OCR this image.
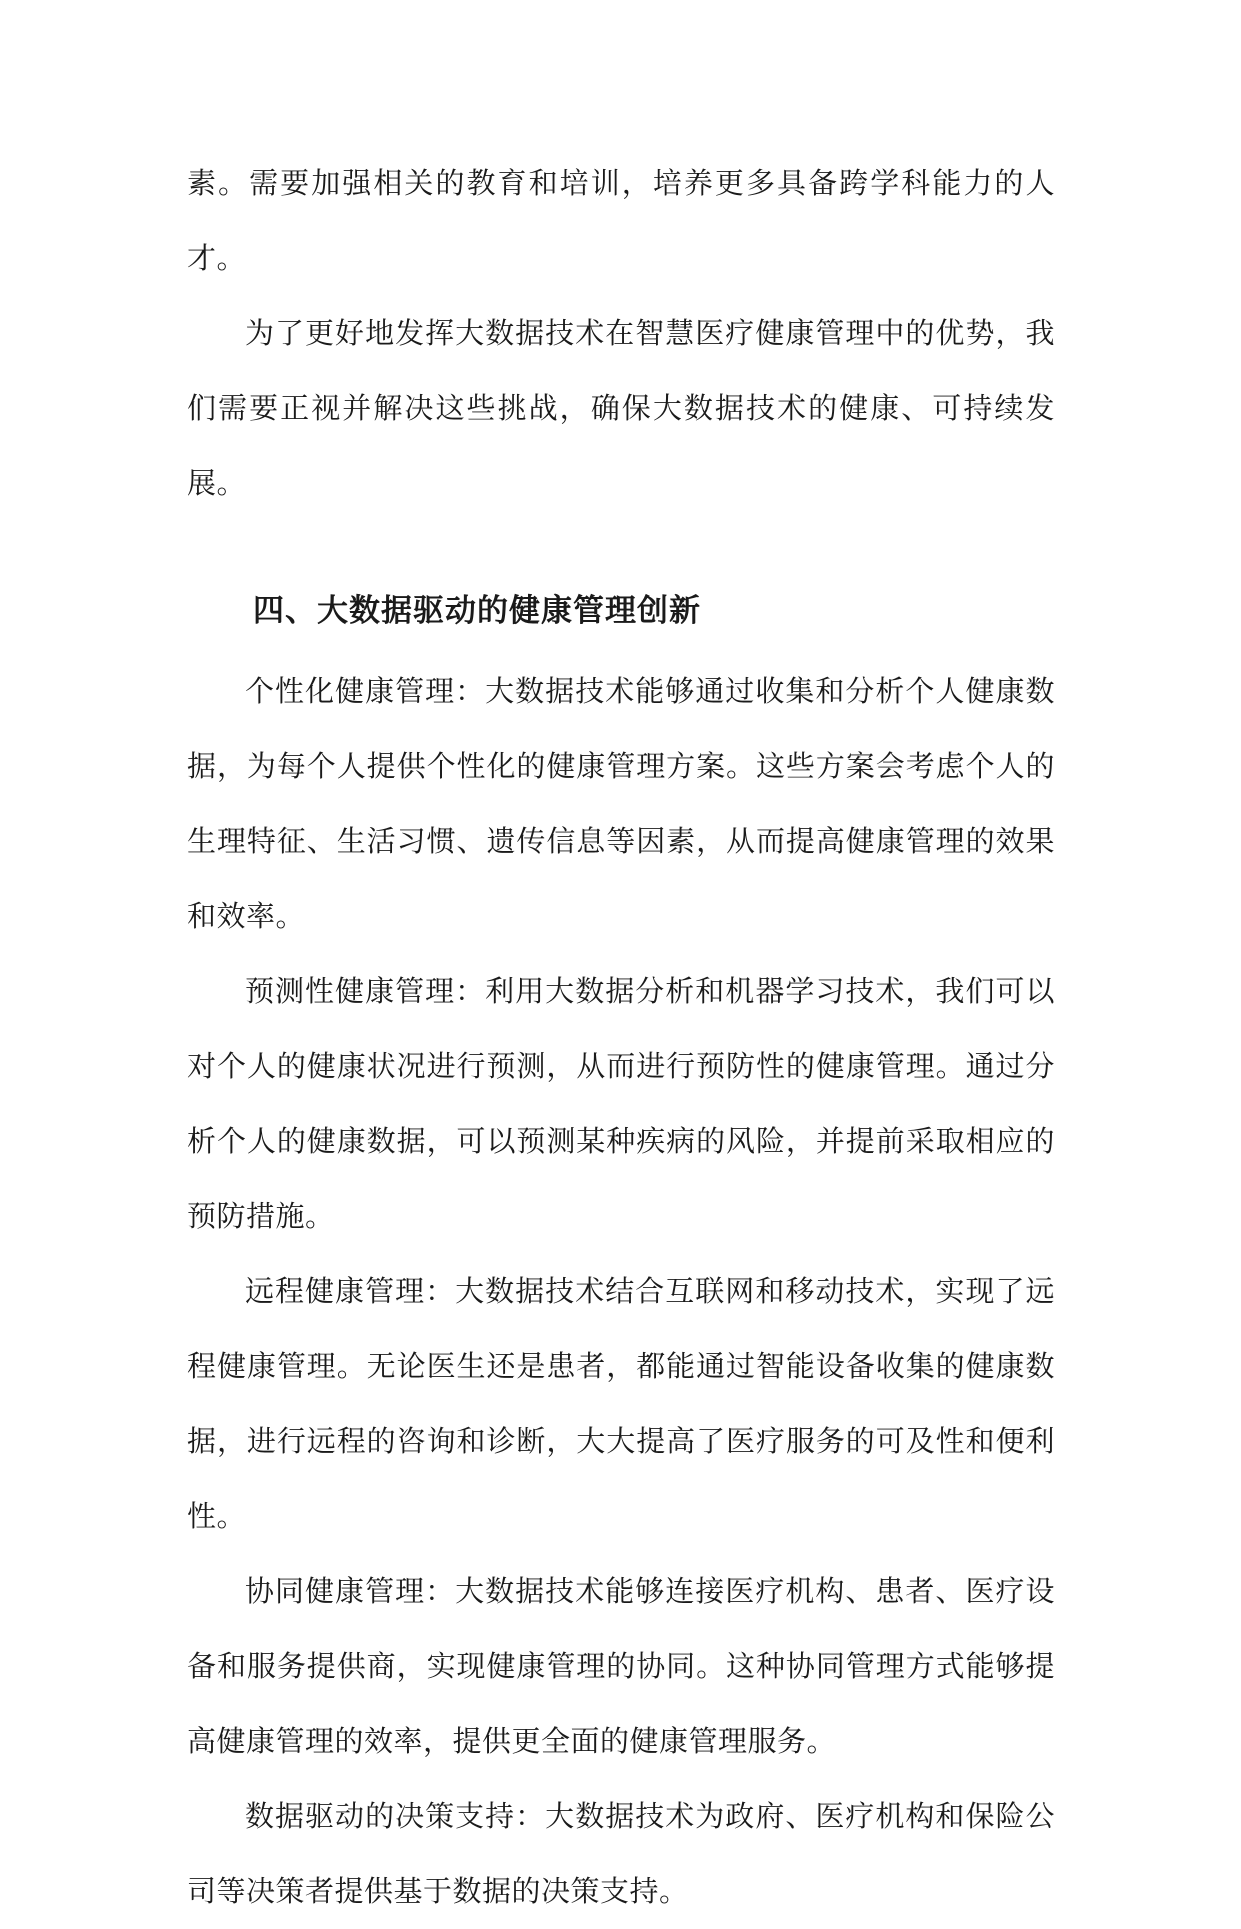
素。需要加强相关的教育和培训，培养更多具备跨学科能力的人才。

为了更好地发挥大数据技术在智慧医疗健康管理中的优势，我们需要正视并解决这些挑战，确保大数据技术的健康、可持续发展。

四、大数据驱动的健康管理创新

个性化健康管理：大数据技术能够通过收集和分析个人健康数据，为每个人提供个性化的健康管理方案。这些方案会考虑个人的生理特征、生活习惯、遗传信息等因素，从而提高健康管理的效果和效率。

预测性健康管理：利用大数据分析和机器学习技术，我们可以对个人的健康状况进行预测，从而进行预防性的健康管理。通过分析个人的健康数据，可以预测某种疾病的风险，并提前采取相应的预防措施。

远程健康管理：大数据技术结合互联网和移动技术，实现了远程健康管理。无论医生还是患者，都能通过智能设备收集的健康数据，进行远程的咨询和诊断，大大提高了医疗服务的可及性和便利性。

协同健康管理：大数据技术能够连接医疗机构、患者、医疗设备和服务提供商，实现健康管理的协同。这种协同管理方式能够提高健康管理的效率，提供更全面的健康管理服务。

数据驱动的决策支持：大数据技术为政府、医疗机构和保险公司等决策者提供基于数据的决策支持。
